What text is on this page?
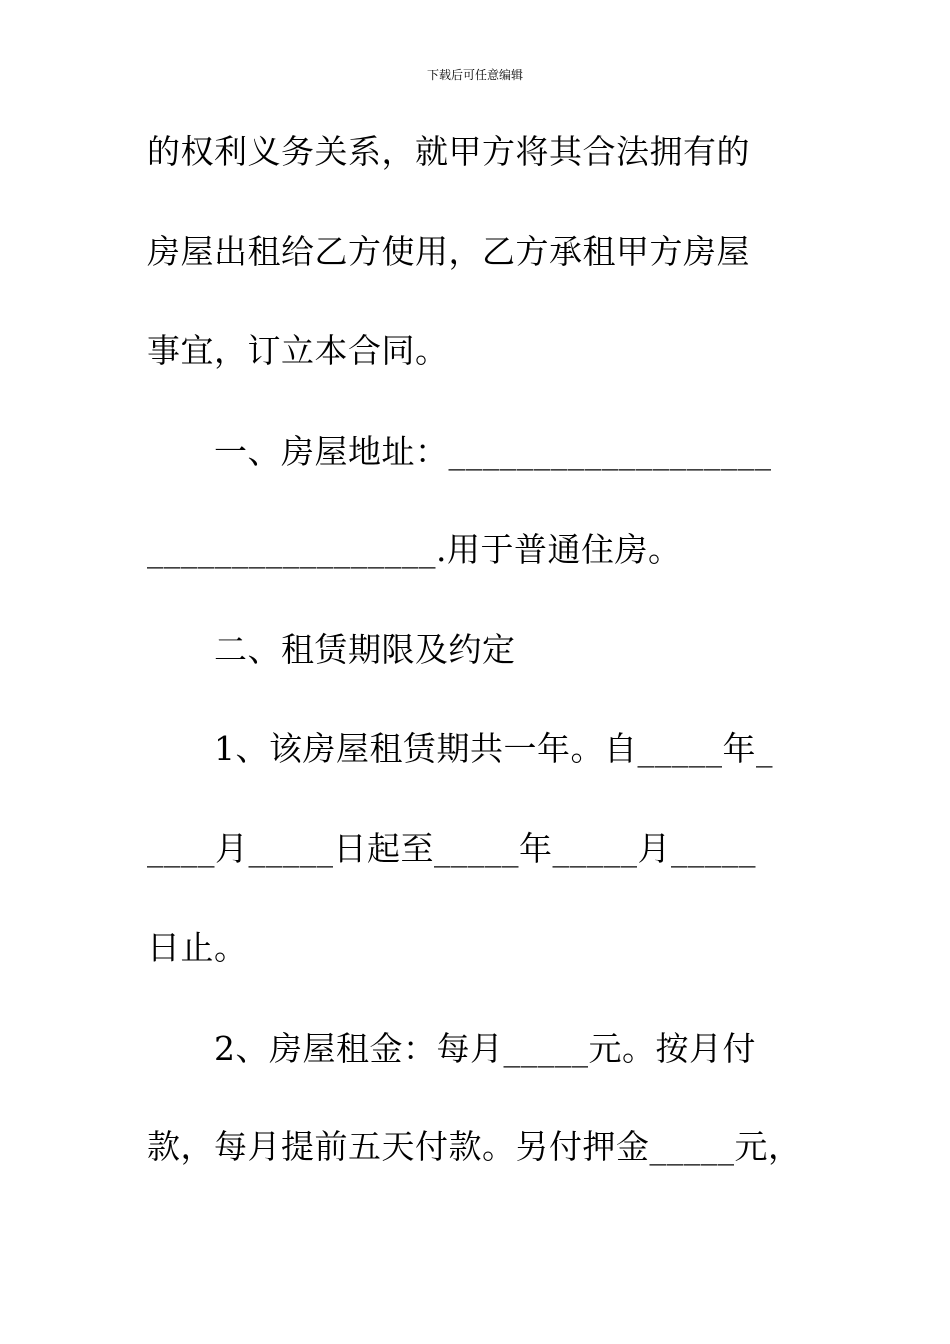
下载后可任意编辑
的权利义务关系，就甲方将其合法拥有的
房屋出租给乙方使用，乙方承租甲方房屋
事宜，订立本合同。
一、房屋地址：___________________
_________________.用于普通住房。
二、租赁期限及约定
1、该房屋租赁期共一年。自_____年_
____月_____日起至_____年_____月_____
日止。
2、房屋租金：每月_____元。按月付
款，每月提前五天付款。另付押金_____元，
